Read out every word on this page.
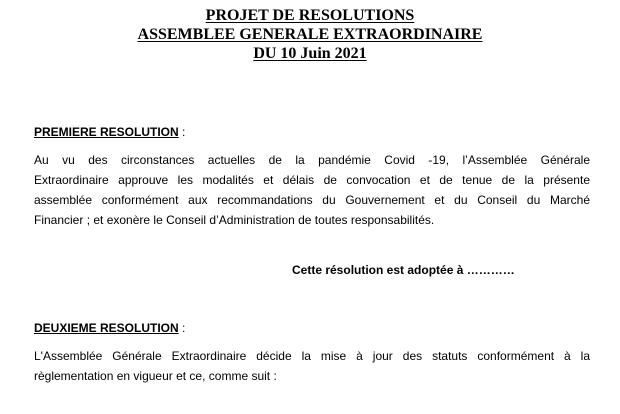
PROJET DE RESOLUTIONS
ASSEMBLEE GENERALE EXTRAORDINAIRE
DU 10 Juin 2021
PREMIERE RESOLUTION :
Au vu des circonstances actuelles de la pandémie Covid -19, l’Assemblée Générale
Extraordinaire approuve les modalités et délais de convocation et de tenue de la présente
assemblée conformément aux recommandations du Gouvernement et du Conseil du Marché
Financier ; et exonère le Conseil d’Administration de toutes responsabilités.
Cette résolution est adoptée à …………
DEUXIEME RESOLUTION :
L'Assemblée Générale Extraordinaire décide la mise à jour des statuts conformément à la
règlementation en vigueur et ce, comme suit :
